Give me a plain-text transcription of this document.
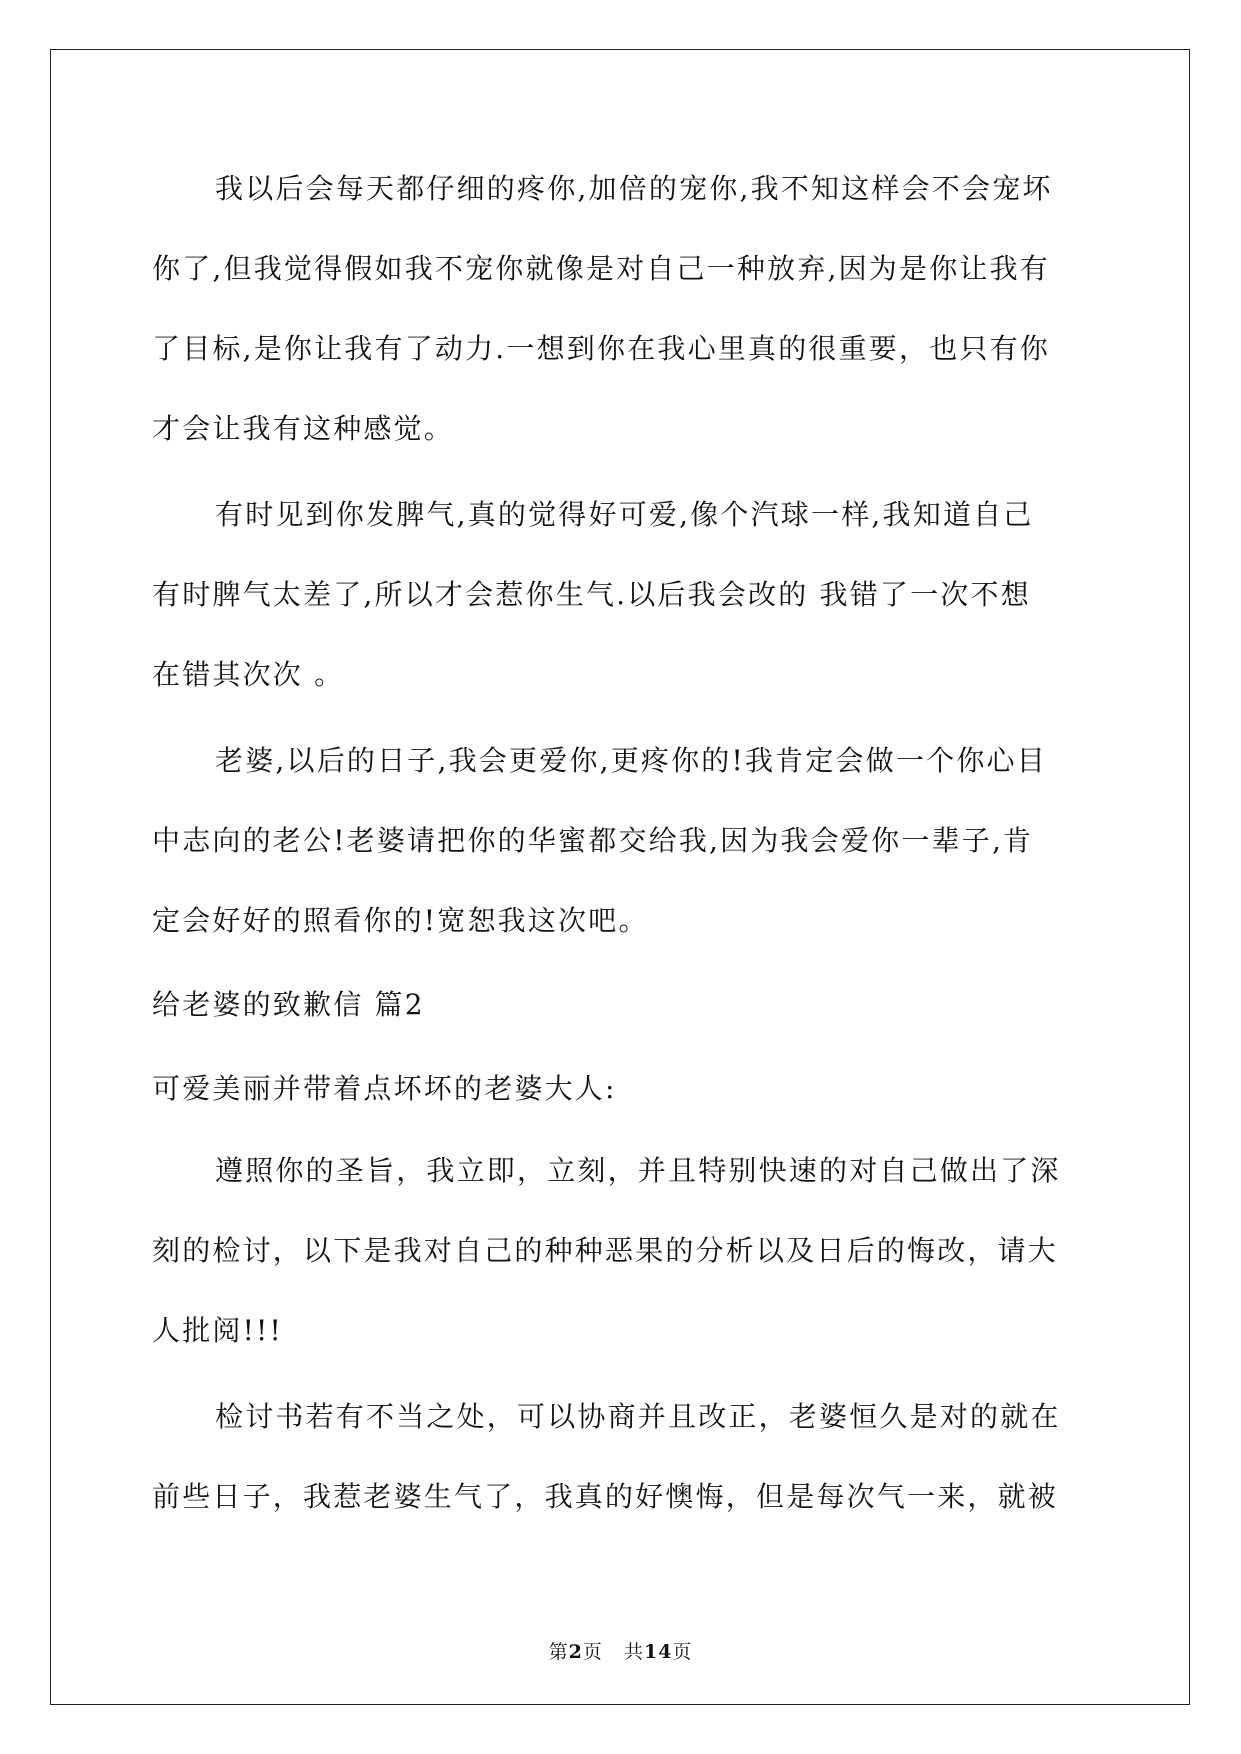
我以后会每天都仔细的疼你,加倍的宠你,我不知这样会不会宠坏
你了,但我觉得假如我不宠你就像是对自己一种放弃,因为是你让我有
了目标,是你让我有了动力.一想到你在我心里真的很重要，也只有你
才会让我有这种感觉。
有时见到你发脾气,真的觉得好可爱,像个汽球一样,我知道自己
有时脾气太差了,所以才会惹你生气.以后我会改的 我错了一次不想
在错其次次 。
老婆,以后的日子,我会更爱你,更疼你的!我肯定会做一个你心目
中志向的老公!老婆请把你的华蜜都交给我,因为我会爱你一辈子,肯
定会好好的照看你的!宽恕我这次吧。
给老婆的致歉信 篇2
可爱美丽并带着点坏坏的老婆大人:
遵照你的圣旨，我立即，立刻，并且特别快速的对自己做出了深
刻的检讨，以下是我对自己的种种恶果的分析以及日后的悔改，请大
人批阅!!!
检讨书若有不当之处，可以协商并且改正，老婆恒久是对的就在
前些日子，我惹老婆生气了，我真的好懊悔，但是每次气一来，就被
第2页 共14页
